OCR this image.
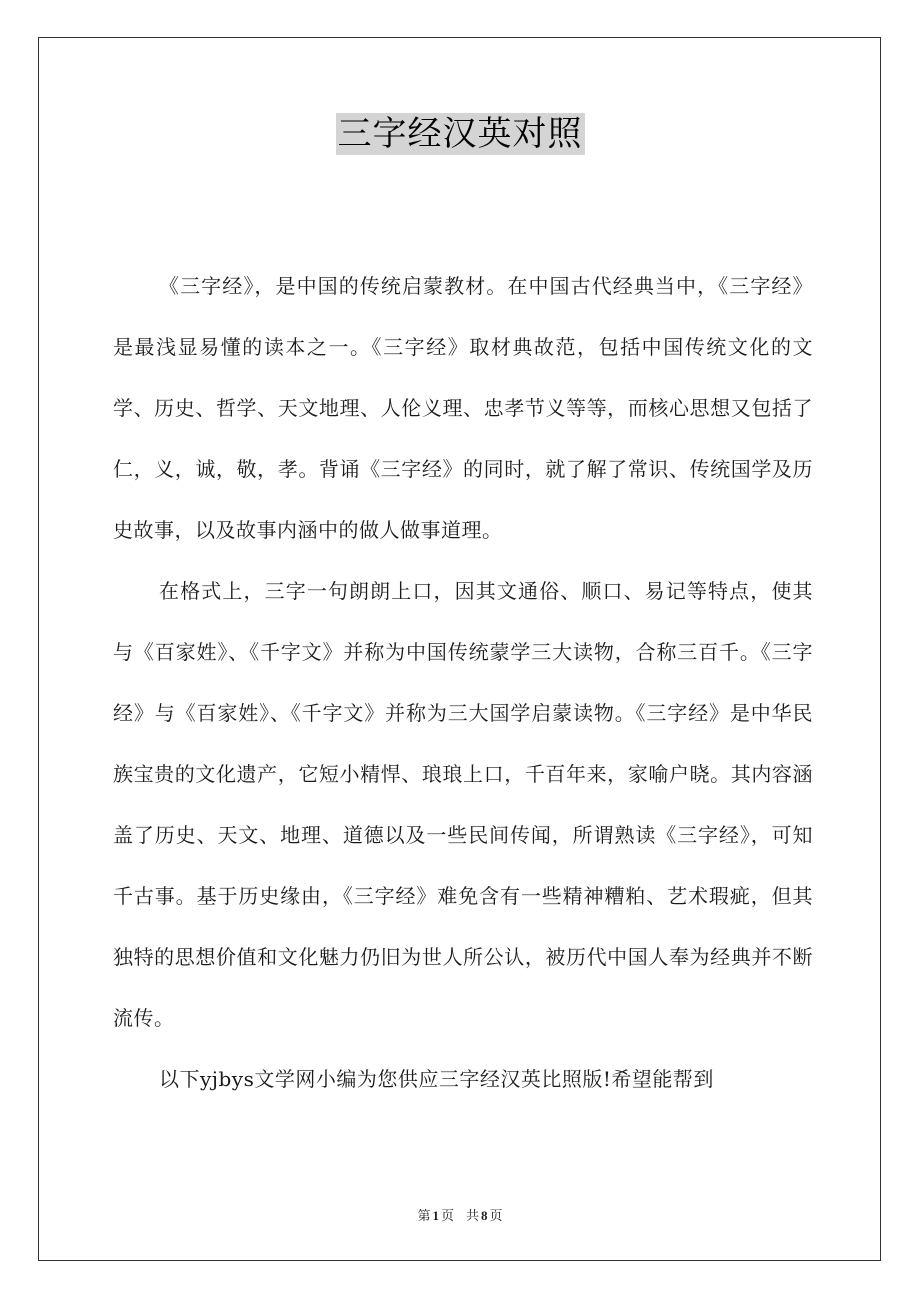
三字经汉英对照

《三字经》，是中国的传统启蒙教材。在中国古代经典当中，《三字经》是最浅显易懂的读本之一。《三字经》取材典故范，包括中国传统文化的文学、历史、哲学、天文地理、人伦义理、忠孝节义等等，而核心思想又包括了仁，义，诚，敬，孝。背诵《三字经》的同时，就了解了常识、传统国学及历史故事，以及故事内涵中的做人做事道理。

在格式上，三字一句朗朗上口，因其文通俗、顺口、易记等特点，使其与《百家姓》、《千字文》并称为中国传统蒙学三大读物，合称三百千。《三字经》与《百家姓》、《千字文》并称为三大国学启蒙读物。《三字经》是中华民族宝贵的文化遗产，它短小精悍、琅琅上口，千百年来，家喻户晓。其内容涵盖了历史、天文、地理、道德以及一些民间传闻，所谓熟读《三字经》，可知千古事。基于历史缘由，《三字经》难免含有一些精神糟粕、艺术瑕疵，但其独特的思想价值和文化魅力仍旧为世人所公认，被历代中国人奉为经典并不断流传。

以下yjbys文学网小编为您供应三字经汉英比照版!希望能帮到

第 1 页 共 8 页
